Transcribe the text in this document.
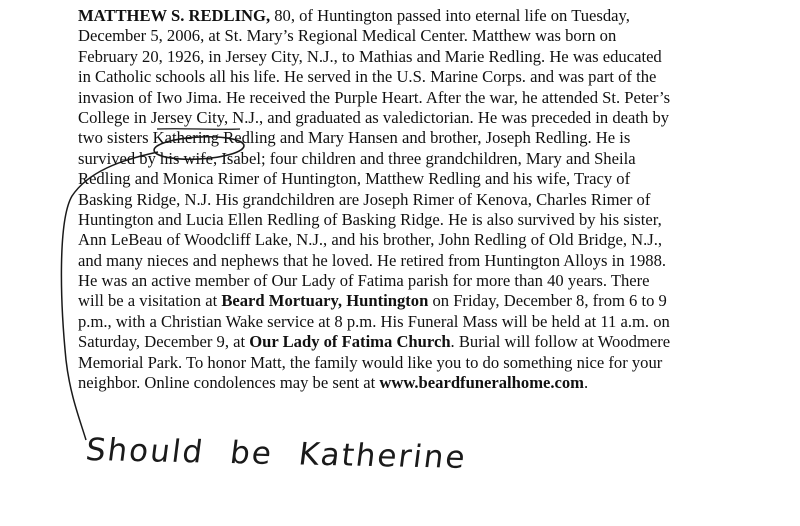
MATTHEW S. REDLING, 80, of Huntington passed into eternal life on Tuesday,
December 5, 2006, at St. Mary’s Regional Medical Center. Matthew was born on
February 20, 1926, in Jersey City, N.J., to Mathias and Marie Redling. He was educated
in Catholic schools all his life. He served in the U.S. Marine Corps. and was part of the
invasion of Iwo Jima. He received the Purple Heart. After the war, he attended St. Peter’s
College in Jersey City, N.J., and graduated as valedictorian. He was preceded in death by
two sisters Kathering Redling and Mary Hansen and brother, Joseph Redling. He is
survived by his wife, Isabel; four children and three grandchildren, Mary and Sheila
Redling and Monica Rimer of Huntington, Matthew Redling and his wife, Tracy of
Basking Ridge, N.J. His grandchildren are Joseph Rimer of Kenova, Charles Rimer of
Huntington and Lucia Ellen Redling of Basking Ridge. He is also survived by his sister,
Ann LeBeau of Woodcliff Lake, N.J., and his brother, John Redling of Old Bridge, N.J.,
and many nieces and nephews that he loved. He retired from Huntington Alloys in 1988.
He was an active member of Our Lady of Fatima parish for more than 40 years. There
will be a visitation at Beard Mortuary, Huntington on Friday, December 8, from 6 to 9
p.m., with a Christian Wake service at 8 p.m. His Funeral Mass will be held at 11 a.m. on
Saturday, December 9, at Our Lady of Fatima Church. Burial will follow at Woodmere
Memorial Park. To honor Matt, the family would like you to do something nice for your
neighbor. Online condolences may be sent at www.beardfuneralhome.com.
Should be Katherine
